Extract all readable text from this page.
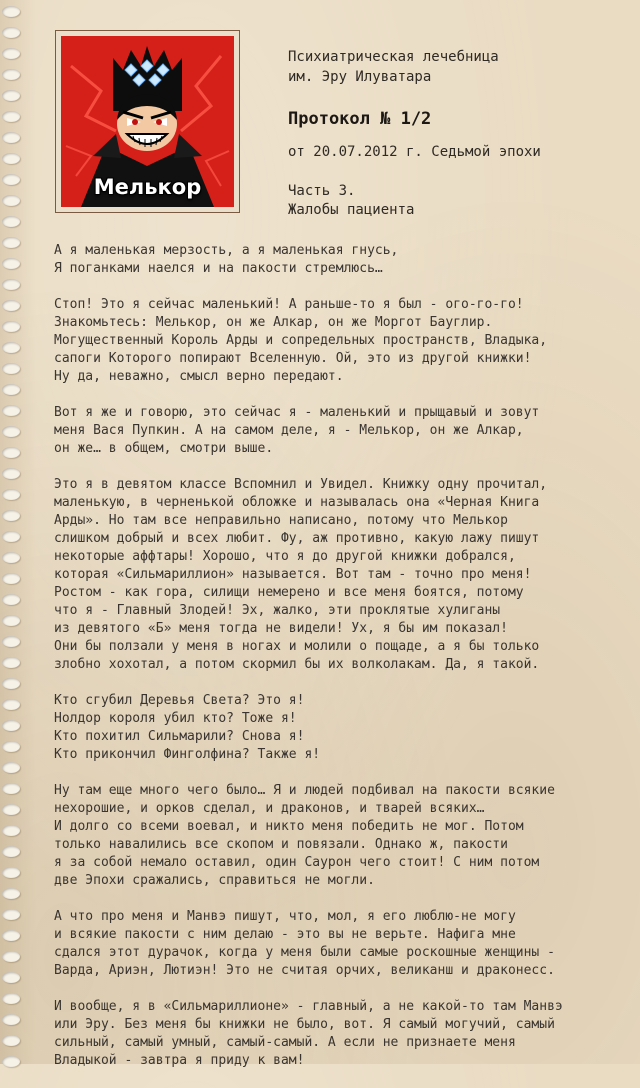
Мелькор
Психиатрическая лечебница
им. Эру Илуватара
Протокол № 1/2
от 20.07.2012 г. Седьмой эпохи
Часть 3.
Жалобы пациента

А я маленькая мерзость, а я маленькая гнусь,
Я поганками наелся и на пакости стремлюсь…

Стоп! Это я сейчас маленький! А раньше-то я был - ого-го-го!
Знакомьтесь: Мелькор, он же Алкар, он же Моргот Бауглир.
Могущественный Король Арды и сопредельных пространств, Владыка,
сапоги Которого попирают Вселенную. Ой, это из другой книжки!
Ну да, неважно, смысл верно передают.

Вот я же и говорю, это сейчас я - маленький и прыщавый и зовут
меня Вася Пупкин. А на самом деле, я - Мелькор, он же Алкар,
он же… в общем, смотри выше.

Это я в девятом классе Вспомнил и Увидел. Книжку одну прочитал,
маленькую, в черненькой обложке и называлась она «Черная Книга
Арды». Но там все неправильно написано, потому что Мелькор
слишком добрый и всех любит. Фу, аж противно, какую лажу пишут
некоторые аффтары! Хорошо, что я до другой книжки добрался,
которая «Сильмариллион» называется. Вот там - точно про меня!
Ростом - как гора, силищи немерено и все меня боятся, потому
что я - Главный Злодей! Эх, жалко, эти проклятые хулиганы
из девятого «Б» меня тогда не видели! Ух, я бы им показал!
Они бы ползали у меня в ногах и молили о пощаде, а я бы только
злобно хохотал, а потом скормил бы их волколакам. Да, я такой.

Кто сгубил Деревья Света? Это я!
Нолдор короля убил кто? Тоже я!
Кто похитил Сильмарили? Снова я!
Кто прикончил Финголфина? Также я!

Ну там еще много чего было… Я и людей подбивал на пакости всякие
нехорошие, и орков сделал, и драконов, и тварей всяких…
И долго со всеми воевал, и никто меня победить не мог. Потом
только навалились все скопом и повязали. Однако ж, пакости
я за собой немало оставил, один Саурон чего стоит! С ним потом
две Эпохи сражались, справиться не могли.

А что про меня и Манвэ пишут, что, мол, я его люблю-не могу
и всякие пакости с ним делаю - это вы не верьте. Нафига мне
сдался этот дурачок, когда у меня были самые роскошные женщины -
Варда, Ариэн, Лютиэн! Это не считая орчих, великанш и драконесс.

И вообще, я в «Сильмариллионе» - главный, а не какой-то там Манвэ
или Эру. Без меня бы книжки не было, вот. Я самый могучий, самый
сильный, самый умный, самый-самый. А если не признаете меня
Владыкой - завтра я приду к вам!
